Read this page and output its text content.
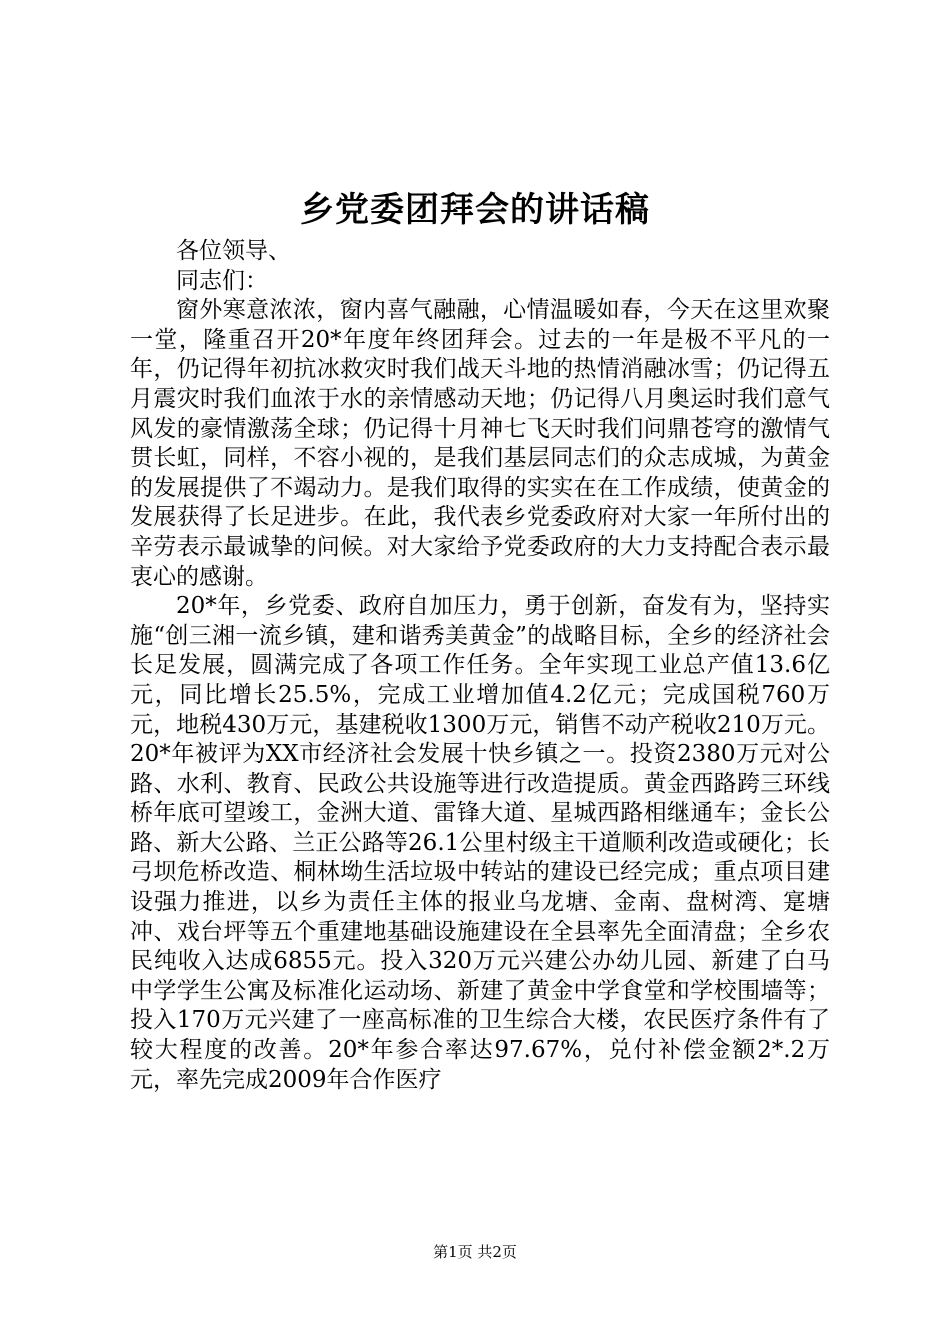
乡党委团拜会的讲话稿
各位领导、
同志们：

窗外寒意浓浓，窗内喜气融融，心情温暖如春，今天在这里欢聚一堂，隆重召开20*年度年终团拜会。过去的一年是极不平凡的一年，仍记得年初抗冰救灾时我们战天斗地的热情消融冰雪；仍记得五月震灾时我们血浓于水的亲情感动天地；仍记得八月奥运时我们意气风发的豪情激荡全球；仍记得十月神七飞天时我们问鼎苍穹的激情气贯长虹，同样，不容小视的，是我们基层同志们的众志成城，为黄金的发展提供了不竭动力。是我们取得的实实在在工作成绩，使黄金的发展获得了长足进步。在此，我代表乡党委政府对大家一年所付出的辛劳表示最诚挚的问候。对大家给予党委政府的大力支持配合表示最衷心的感谢。

20*年，乡党委、政府自加压力，勇于创新，奋发有为，坚持实施“创三湘一流乡镇，建和谐秀美黄金”的战略目标，全乡的经济社会长足发展，圆满完成了各项工作任务。全年实现工业总产值13.6亿元，同比增长25.5%，完成工业增加值4.2亿元；完成国税760万元，地税430万元，基建税收1300万元，销售不动产税收210万元。20*年被评为XX市经济社会发展十快乡镇之一。投资2380万元对公路、水利、教育、民政公共设施等进行改造提质。黄金西路跨三环线桥年底可望竣工，金洲大道、雷锋大道、星城西路相继通车；金长公路、新大公路、兰正公路等26.1公里村级主干道顺利改造或硬化；长弓坝危桥改造、桐林坳生活垃圾中转站的建设已经完成；重点项目建设强力推进，以乡为责任主体的报业乌龙塘、金南、盘树湾、寔塘冲、戏台坪等五个重建地基础设施建设在全县率先全面清盘；全乡农民纯收入达成6855元。投入320万元兴建公办幼儿园、新建了白马中学学生公寓及标准化运动场、新建了黄金中学食堂和学校围墙等；投入170万元兴建了一座高标准的卫生综合大楼，农民医疗条件有了较大程度的改善。20*年参合率达97.67%，兑付补偿金额2*.2万元，率先完成2009年合作医疗

第1页 共2页
